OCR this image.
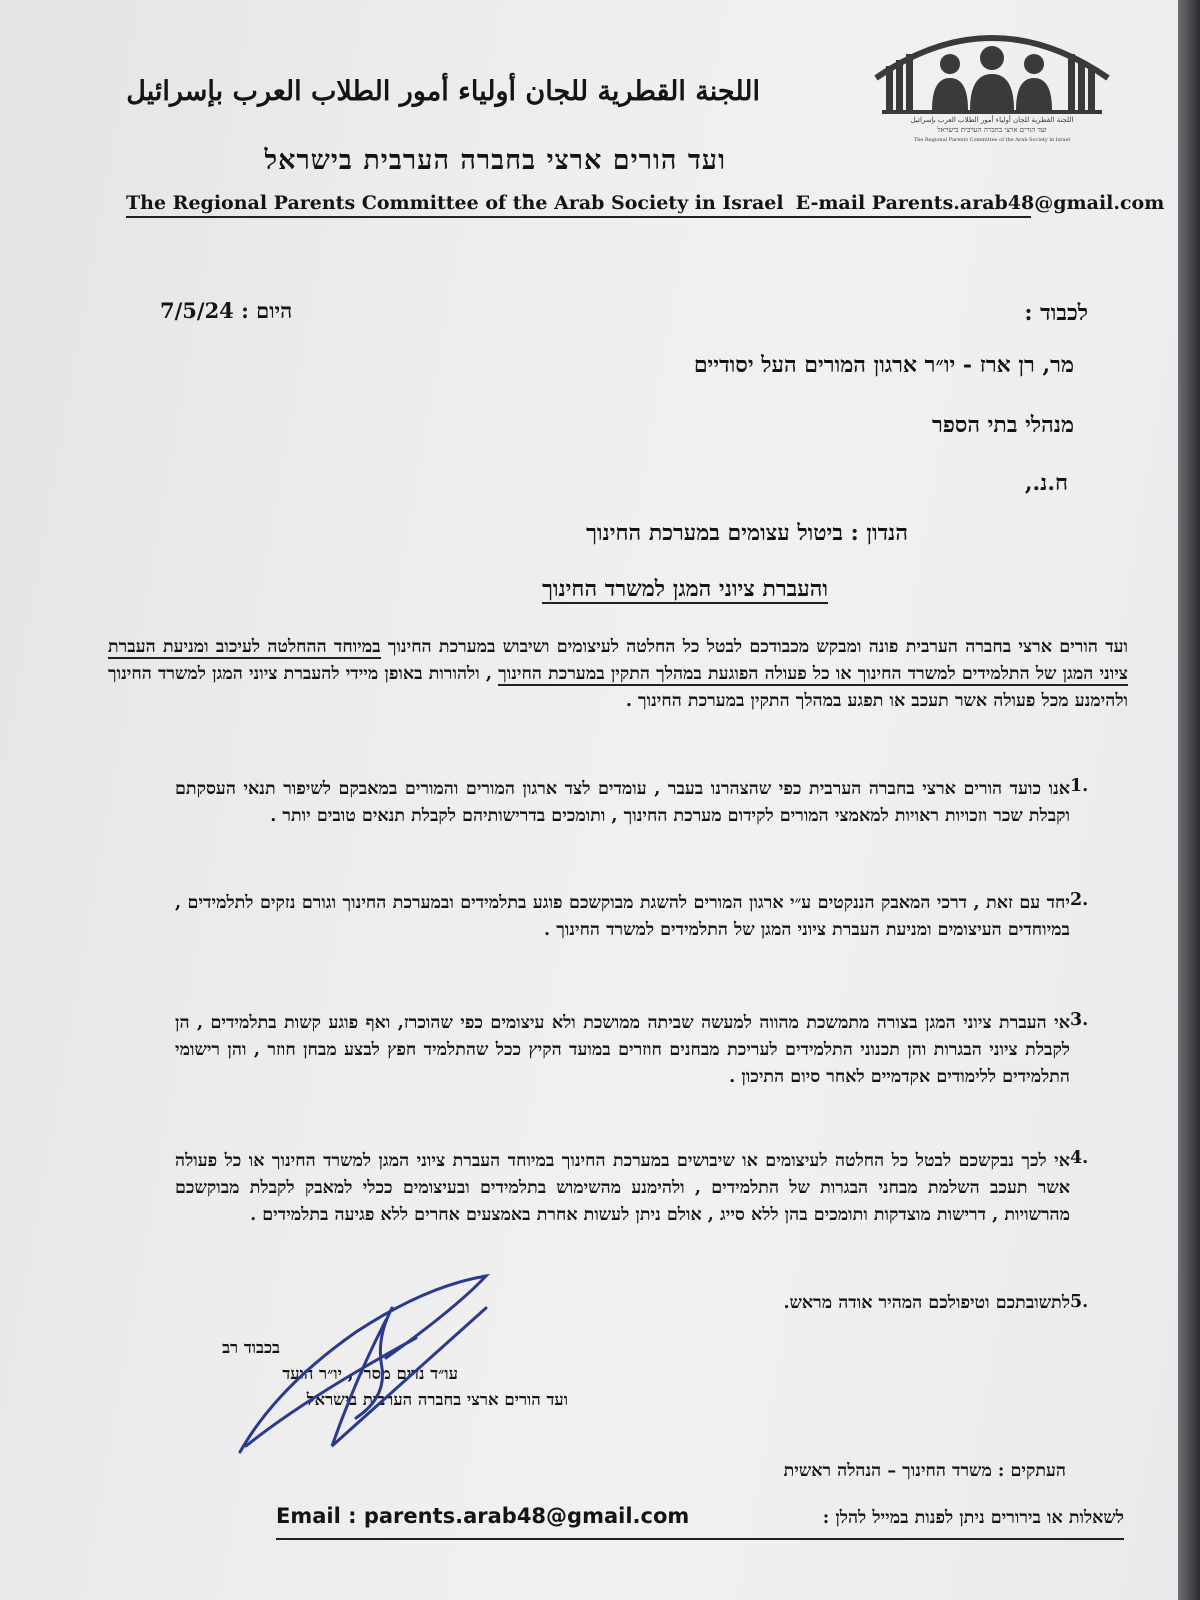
اللجنة القطرية للجان أولياء أمور الطلاب العرب بإسرائيل
ועד הורים ארצי בחברה הערבית בישראל
The Regional Parents Committee of the Arab Society in Israel
اللجنة القطرية للجان أولياء أمور الطلاب العرب بإسرائيل
ועד הורים ארצי בחברה הערבית בישראל
The Regional Parents Committee of the Arab Society in Israel E-mail Parents.arab48@gmail.com
לכבוד :
7/5/24 : היום
מר, רן ארז - יו״ר ארגון המורים העל יסודיים
מנהלי בתי הספר
ח.נ.,
הנדון : ביטול עצומים במערכת החינוך
והעברת ציוני המגן למשרד החינוך
ועד הורים ארצי בחברה הערבית פונה ומבקש מכבודכם לבטל כל החלטה לעיצומים ושיבוש במערכת החינוך במיוחד ההחלטה לעיכוב ומניעת העברת ציוני המגן של התלמידים למשרד החינוך או כל פעולה הפוגעת במהלך התקין במערכת החינוך , ולהורות באופן מיידי להעברת ציוני המגן למשרד החינוך ולהימנע מכל פעולה אשר תעכב או תפגע במהלך התקין במערכת החינוך .
אנו כועד הורים ארצי בחברה הערבית כפי שהצהרנו בעבר , עומדים לצד ארגון המורים והמורים במאבקם לשיפור תנאי העסקתם וקבלת שכר וזכויות ראויות למאמצי המורים לקידום מערכת החינוך , ותומכים בדרישותיהם לקבלת תנאים טובים יותר .
1.
יחד עם זאת , דרכי המאבק הננקטים ע״י ארגון המורים להשגת מבוקשכם פוגע בתלמידים ובמערכת החינוך וגורם נזקים לתלמידים , במיוחדים העיצומים ומניעת העברת ציוני המגן של התלמידים למשרד החינוך .
2.
אי העברת ציוני המגן בצורה מתמשכת מהווה למעשה שביתה ממושכת ולא עיצומים כפי שהוכרז, ואף פוגע קשות בתלמידים , הן לקבלת ציוני הבגרות והן תכנוני התלמידים לעריכת מבחנים חוזרים במועד הקיץ ככל שהתלמיד חפץ לבצע מבחן חוזר , והן רישומי התלמידים ללימודים אקדמיים לאחר סיום התיכון .
3.
אי לכך נבקשכם לבטל כל החלטה לעיצומים או שיבושים במערכת החינוך במיוחד העברת ציוני המגן למשרד החינוך או כל פעולה אשר תעכב השלמת מבחני הבגרות של התלמידים , ולהימנע מהשימוש בתלמידים ובעיצומים ככלי למאבק לקבלת מבוקשכם מהרשויות , דרישות מוצדקות ותומכים בהן ללא סייג , אולם ניתן לעשות אחרת באמצעים אחרים ללא פגיעה בתלמידים .
4.
לתשובתכם וטיפולכם המהיר אודה מראש. 5.
בכבוד רב
עו״ד נדים מסרי , יו״ר הועד
ועד הורים ארצי בחברה הערבית בישראל
העתקים : משרד החינוך – הנהלה ראשית
Email : parents.arab48@gmail.com	לשאלות או בירורים ניתן לפנות במייל להלן :
